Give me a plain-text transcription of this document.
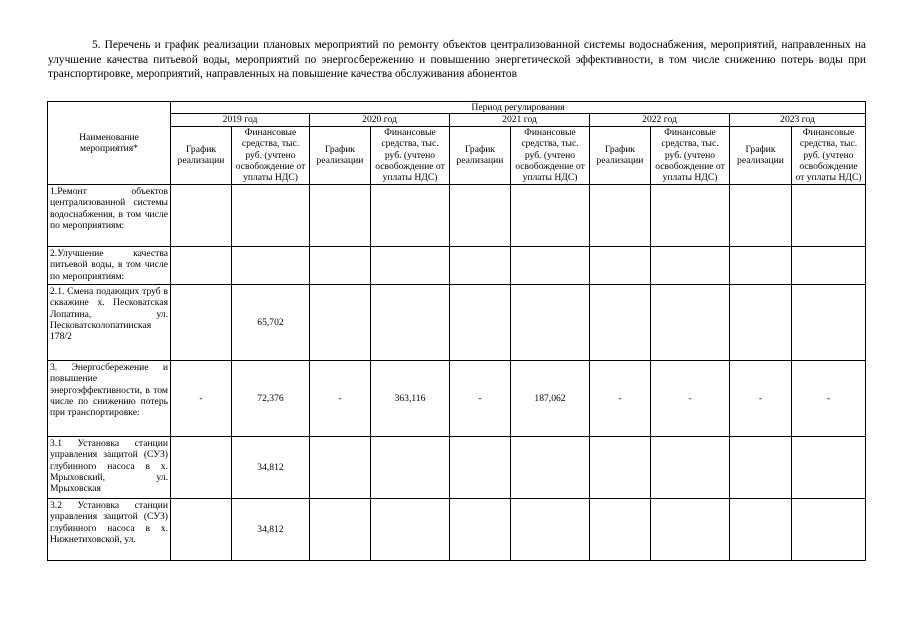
5. Перечень и график реализации плановых мероприятий по ремонту объектов централизованной системы водоснабжения, мероприятий, направленных на улучшение качества питьевой воды, мероприятий по энергосбережению и повышению энергетической эффективности, в том числе снижению потерь воды при транспортировке, мероприятий, направленных на повышение качества обслуживания абонентов
Наименование мероприятия*	Период регулирования									
	2019 год		2020 год		2021 год		2022 год		2023 год	
	График реализации	Финансовые средства, тыс. руб. (учтено освобождение от уплаты НДС)	График реализации	Финансовые средства, тыс. руб. (учтено освобождение от уплаты НДС)	График реализации	Финансовые средства, тыс. руб. (учтено освобождение от уплаты НДС)	График реализации	Финансовые средства, тыс. руб. (учтено освобождение от уплаты НДС)	График реализации	Финансовые средства, тыс. руб. (учтено освобождение от уплаты НДС)
1.Ремонт объектов централизованной системы водоснабжения, в том числе по мероприятиям:										
2.Улучшение качества питьевой воды, в том числе по мероприятиям:										
2.1. Смена подающих труб в скважине х. Песковатская Лопатина, ул. Песковатсколопатинская 178/2		65,702								
3. Энергосбережение и повышение энергоэффективности, в том числе по снижению потерь при транспортировке:	-	72,376	-	363,116	-	187,062	-	-	-	-
3.1 Установка станции управления защитой (СУЗ) глубинного насоса в х. Мрыховский, ул. Мрыховская		34,812								
3.2 Установка станции управления защитой (СУЗ) глубинного насоса в х. Нижнетиховской, ул.		34,812								
